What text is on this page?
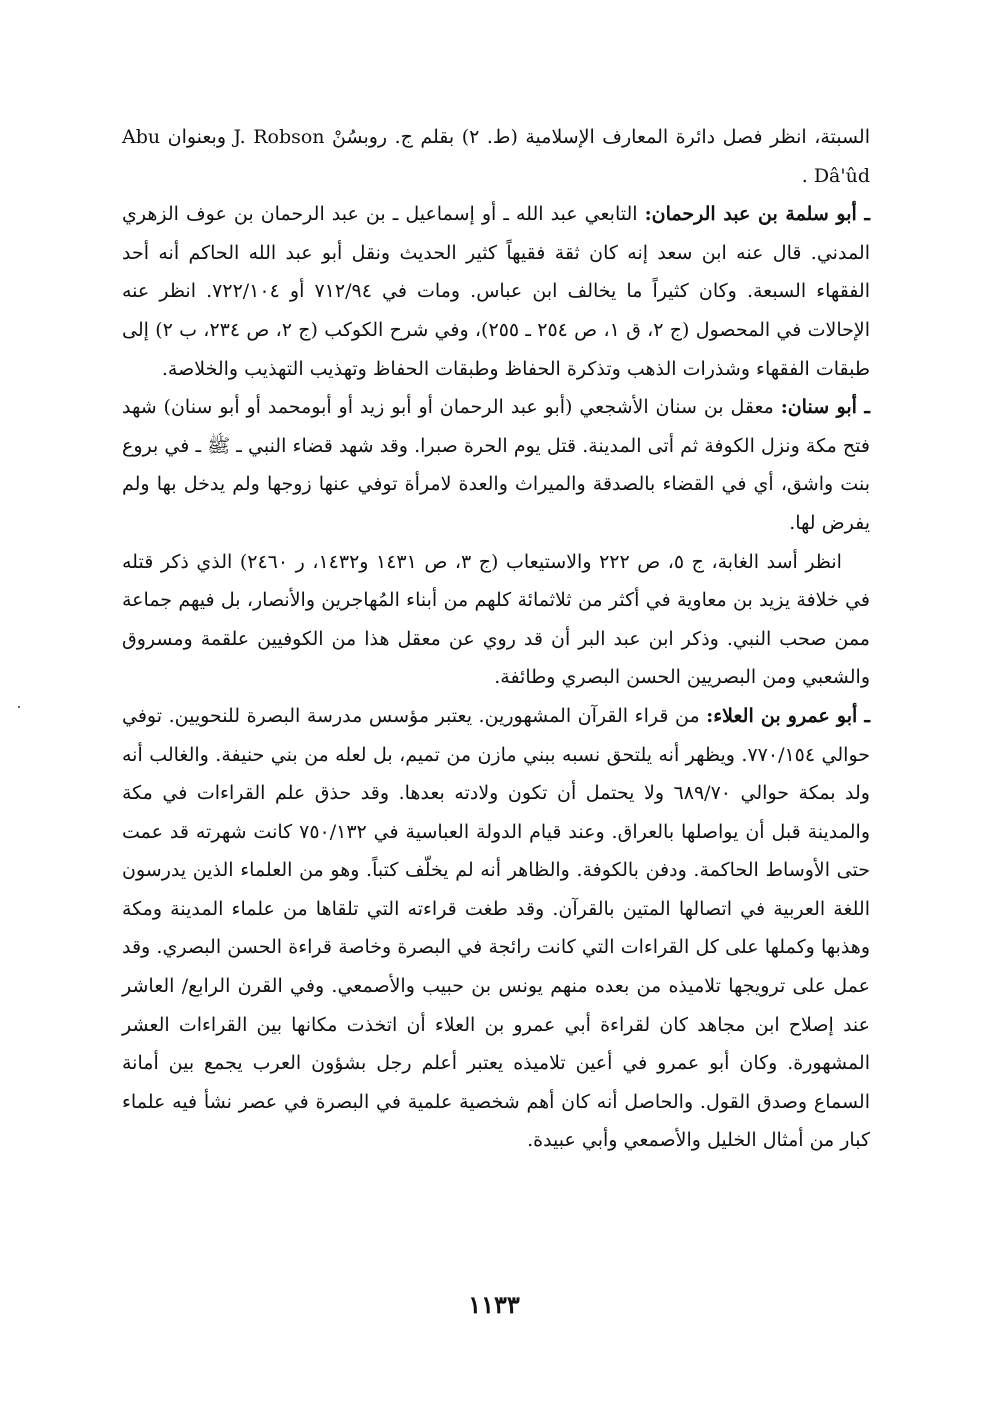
السبتة، انظر فصل دائرة المعارف الإسلامية (ط. ٢) بقلم ج. روبسُنْ J. Robson وبعنوان Abu Dâ'ûd .

ـ أبو سلمة بن عبد الرحمان: التابعي عبد الله ـ أو إسماعيل ـ بن عبد الرحمان بن عوف الزهري المدني. قال عنه ابن سعد إنه كان ثقة فقيهاً كثير الحديث ونقل أبو عبد الله الحاكم أنه أحد الفقهاء السبعة. وكان كثيراً ما يخالف ابن عباس. ومات في ٧١٢/٩٤ أو ٧٢٢/١٠٤. انظر عنه الإحالات في المحصول (ج ٢، ق ١، ص ٢٥٤ ـ ٢٥٥)، وفي شرح الكوكب (ج ٢، ص ٢٣٤، ب ٢) إلى طبقات الفقهاء وشذرات الذهب وتذكرة الحفاظ وطبقات الحفاظ وتهذيب التهذيب والخلاصة.

ـ أبو سنان: معقل بن سنان الأشجعي (أبو عبد الرحمان أو أبو زيد أو أبومحمد أو أبو سنان) شهد فتح مكة ونزل الكوفة ثم أتى المدينة. قتل يوم الحرة صبرا. وقد شهد قضاء النبي ـ ﷺ ـ في بروع بنت واشق، أي في القضاء بالصدقة والميراث والعدة لامرأة توفي عنها زوجها ولم يدخل بها ولم يفرض لها.

انظر أسد الغابة، ج ٥، ص ٢٢٢ والاستيعاب (ج ٣، ص ١٤٣١ و١٤٣٢، ر ٢٤٦٠) الذي ذكر قتله في خلافة يزيد بن معاوية في أكثر من ثلاثمائة كلهم من أبناء المُهاجرين والأنصار، بل فيهم جماعة ممن صحب النبي. وذكر ابن عبد البر أن قد روي عن معقل هذا من الكوفيين علقمة ومسروق والشعبي ومن البصريين الحسن البصري وطائفة.

ـ أبو عمرو بن العلاء: من قراء القرآن المشهورين. يعتبر مؤسس مدرسة البصرة للنحويين. توفي حوالي ٧٧٠/١٥٤. ويظهر أنه يلتحق نسبه ببني مازن من تميم، بل لعله من بني حنيفة. والغالب أنه ولد بمكة حوالي ٦٨٩/٧٠ ولا يحتمل أن تكون ولادته بعدها. وقد حذق علم القراءات في مكة والمدينة قبل أن يواصلها بالعراق. وعند قيام الدولة العباسية في ٧٥٠/١٣٢ كانت شهرته قد عمت حتى الأوساط الحاكمة. ودفن بالكوفة. والظاهر أنه لم يخلّف كتباً. وهو من العلماء الذين يدرسون اللغة العربية في اتصالها المتين بالقرآن. وقد طغت قراءته التي تلقاها من علماء المدينة ومكة وهذبها وكملها على كل القراءات التي كانت رائجة في البصرة وخاصة قراءة الحسن البصري. وقد عمل على ترويجها تلاميذه من بعده منهم يونس بن حبيب والأصمعي. وفي القرن الرابع/ العاشر عند إصلاح ابن مجاهد كان لقراءة أبي عمرو بن العلاء أن اتخذت مكانها بين القراءات العشر المشهورة. وكان أبو عمرو في أعين تلاميذه يعتبر أعلم رجل بشؤون العرب يجمع بين أمانة السماع وصدق القول. والحاصل أنه كان أهم شخصية علمية في البصرة في عصر نشأ فيه علماء كبار من أمثال الخليل والأصمعي وأبي عبيدة.

١١٣٣
